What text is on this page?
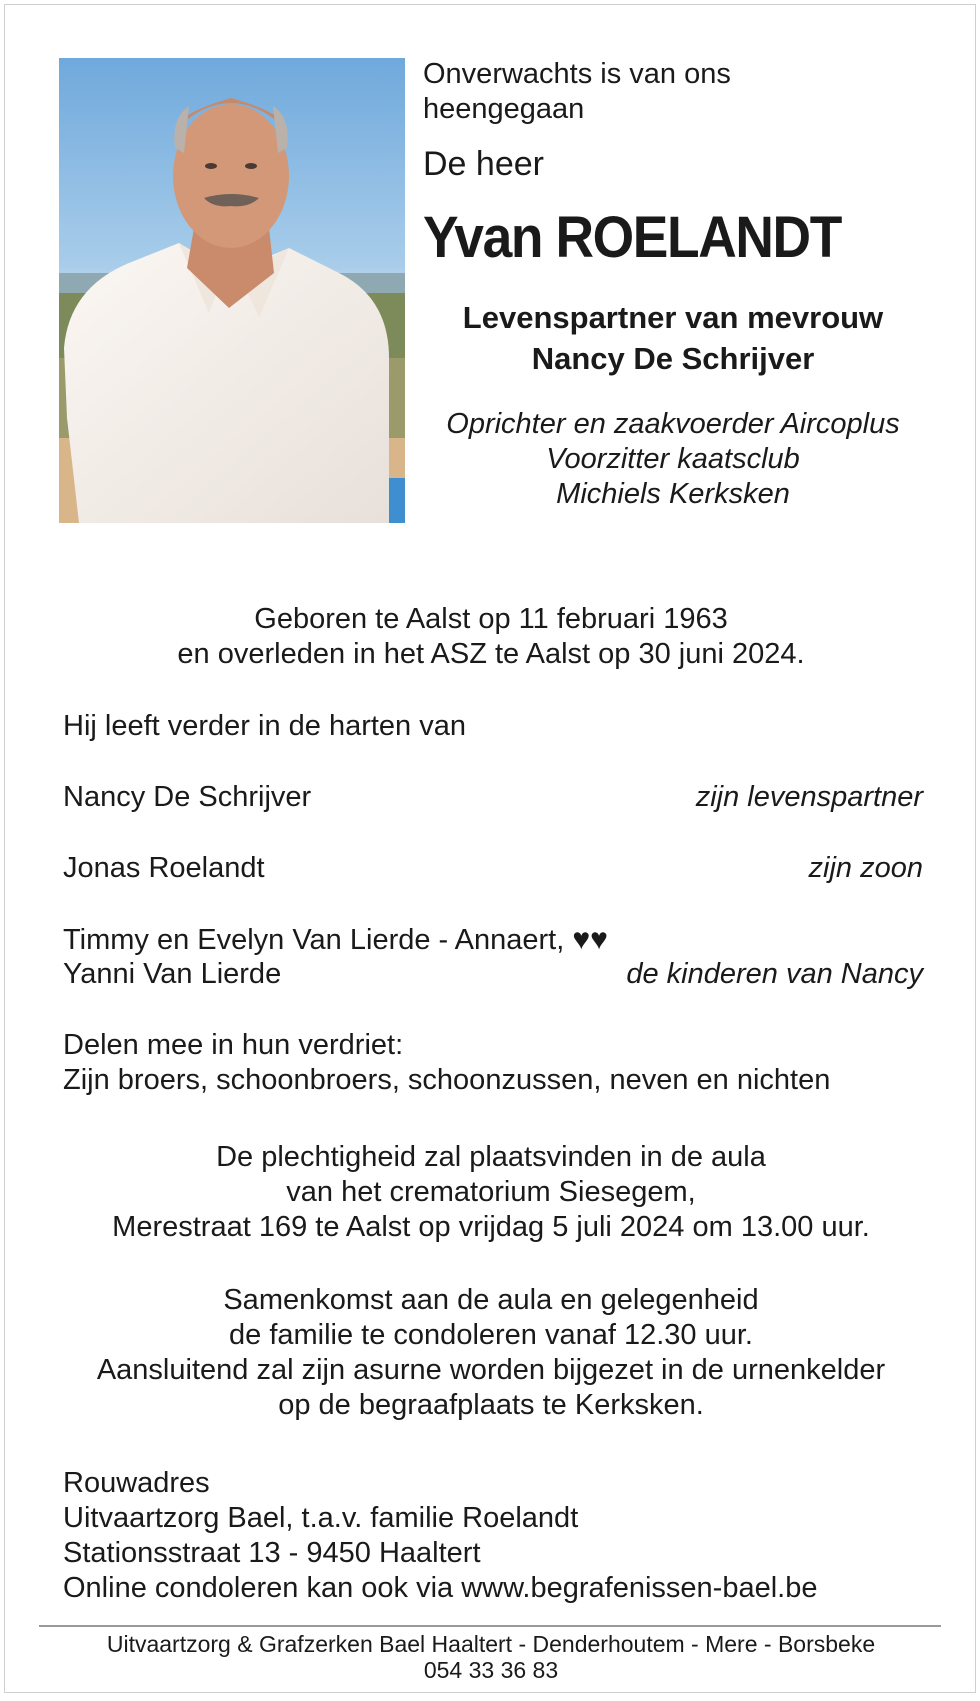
Onverwachts is van ons
heengegaan
De heer
Yvan ROELANDT
Levenspartner van mevrouw
Nancy De Schrijver
Oprichter en zaakvoerder Aircoplus
Voorzitter kaatsclub
Michiels Kerksken
Geboren te Aalst op 11 februari 1963
en overleden in het ASZ te Aalst op 30 juni 2024.
Hij leeft verder in de harten van
Nancy De Schrijver	zijn levenspartner
Jonas Roelandt	zijn zoon
Timmy en Evelyn Van Lierde - Annaert, ♥♥
Yanni Van Lierde	de kinderen van Nancy
Delen mee in hun verdriet:
Zijn broers, schoonbroers, schoonzussen, neven en nichten
De plechtigheid zal plaatsvinden in de aula
van het crematorium Siesegem,
Merestraat 169 te Aalst op vrijdag 5 juli 2024 om 13.00 uur.
Samenkomst aan de aula en gelegenheid
de familie te condoleren vanaf 12.30 uur.
Aansluitend zal zijn asurne worden bijgezet in de urnenkelder
op de begraafplaats te Kerksken.
Rouwadres
Uitvaartzorg Bael, t.a.v. familie Roelandt
Stationsstraat 13 - 9450 Haaltert
Online condoleren kan ook via www.begrafenissen-bael.be
Uitvaartzorg & Grafzerken Bael Haaltert - Denderhoutem - Mere - Borsbeke
054 33 36 83
